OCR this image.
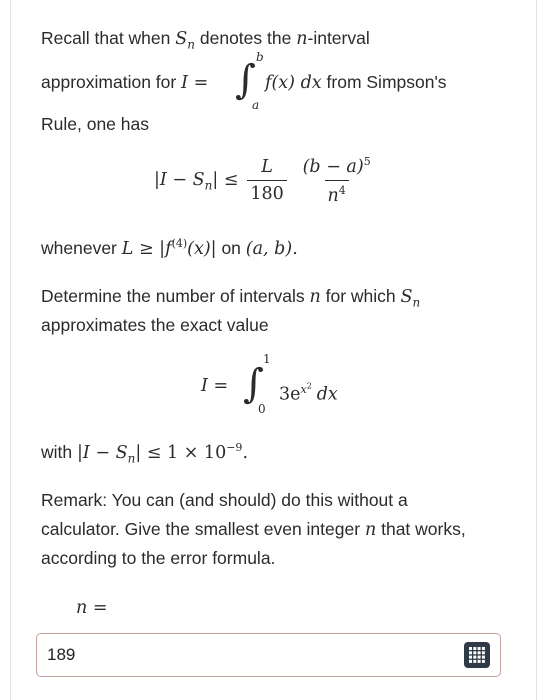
Recall that when $S_n$ denotes the n-interval
approximation for I = ∫ b
a
f(x) dx from Simpson's
Rule, one has
$|I - S_n| \le \frac{L}{180}$
$\frac{(b - a)^5}{n^4}$
whenever $L \ge |f^{(4)}(x)|$ on (a, b).
Determine the number of intervals n for which $S_n$
approximates the exact value
I = ∫
1
0
$3e^{x^2}$ dx
with $|I - S_n| \le 1 \times 10^{-9}$.
Remark: You can (and should) do this without a
calculator. Give the smallest even integer n that works,
according to the error formula.
n =
189
